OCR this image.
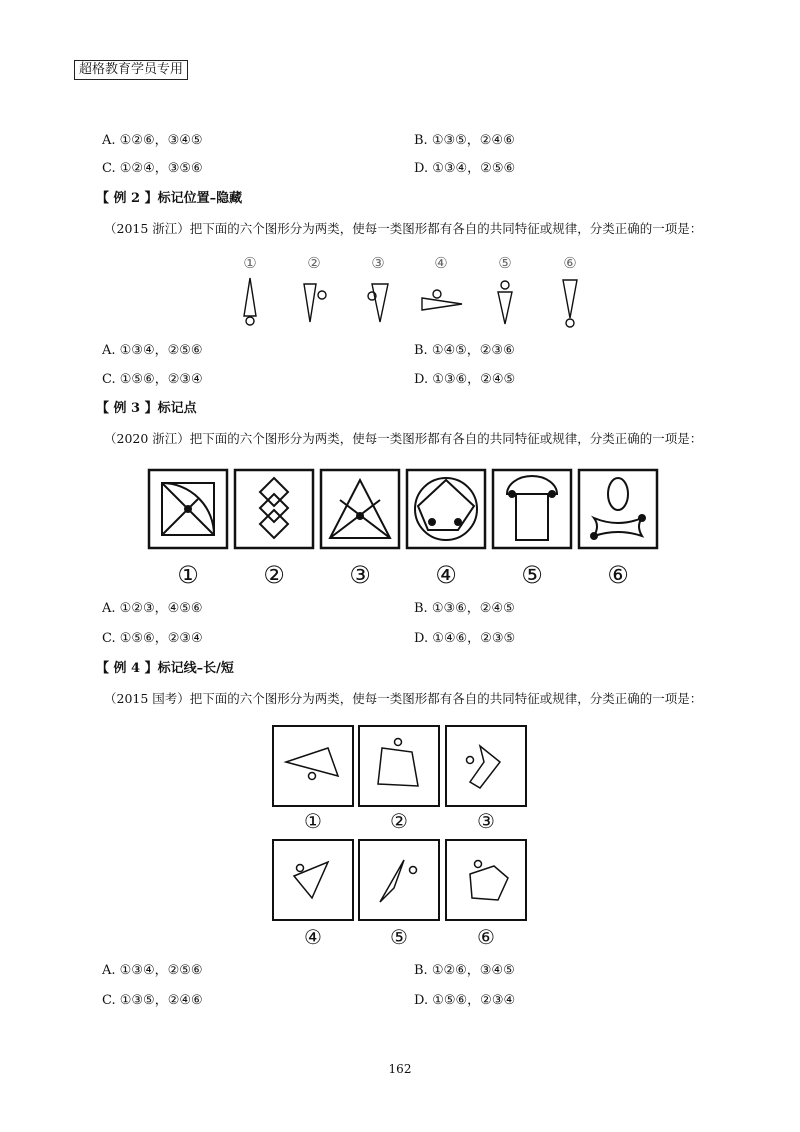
超格教育学员专用
A. ①②⑥，③④⑤	B. ①③⑤，②④⑥
C. ①②④，③⑤⑥	D. ①③④，②⑤⑥
【 例 2 】标记位置–隐藏
（2015 浙江）把下面的六个图形分为两类，使每一类图形都有各自的共同特征或规律，分类正确的一项是：
①	②	③	④	⑤	⑥
A. ①③④，②⑤⑥	B. ①④⑤，②③⑥
C. ①⑤⑥，②③④	D. ①③⑥，②④⑤
【 例 3 】标记点
（2020 浙江）把下面的六个图形分为两类，使每一类图形都有各自的共同特征或规律，分类正确的一项是：
①	②	③	④	⑤	⑥
A. ①②③，④⑤⑥	B. ①③⑥，②④⑤
C. ①⑤⑥，②③④	D. ①④⑥，②③⑤
【 例 4 】标记线–长/短
（2015 国考）把下面的六个图形分为两类，使每一类图形都有各自的共同特征或规律，分类正确的一项是：
①	②	③
④	⑤	⑥
A. ①③④，②⑤⑥	B. ①②⑥，③④⑤
C. ①③⑤，②④⑥	D. ①⑤⑥，②③④
162
